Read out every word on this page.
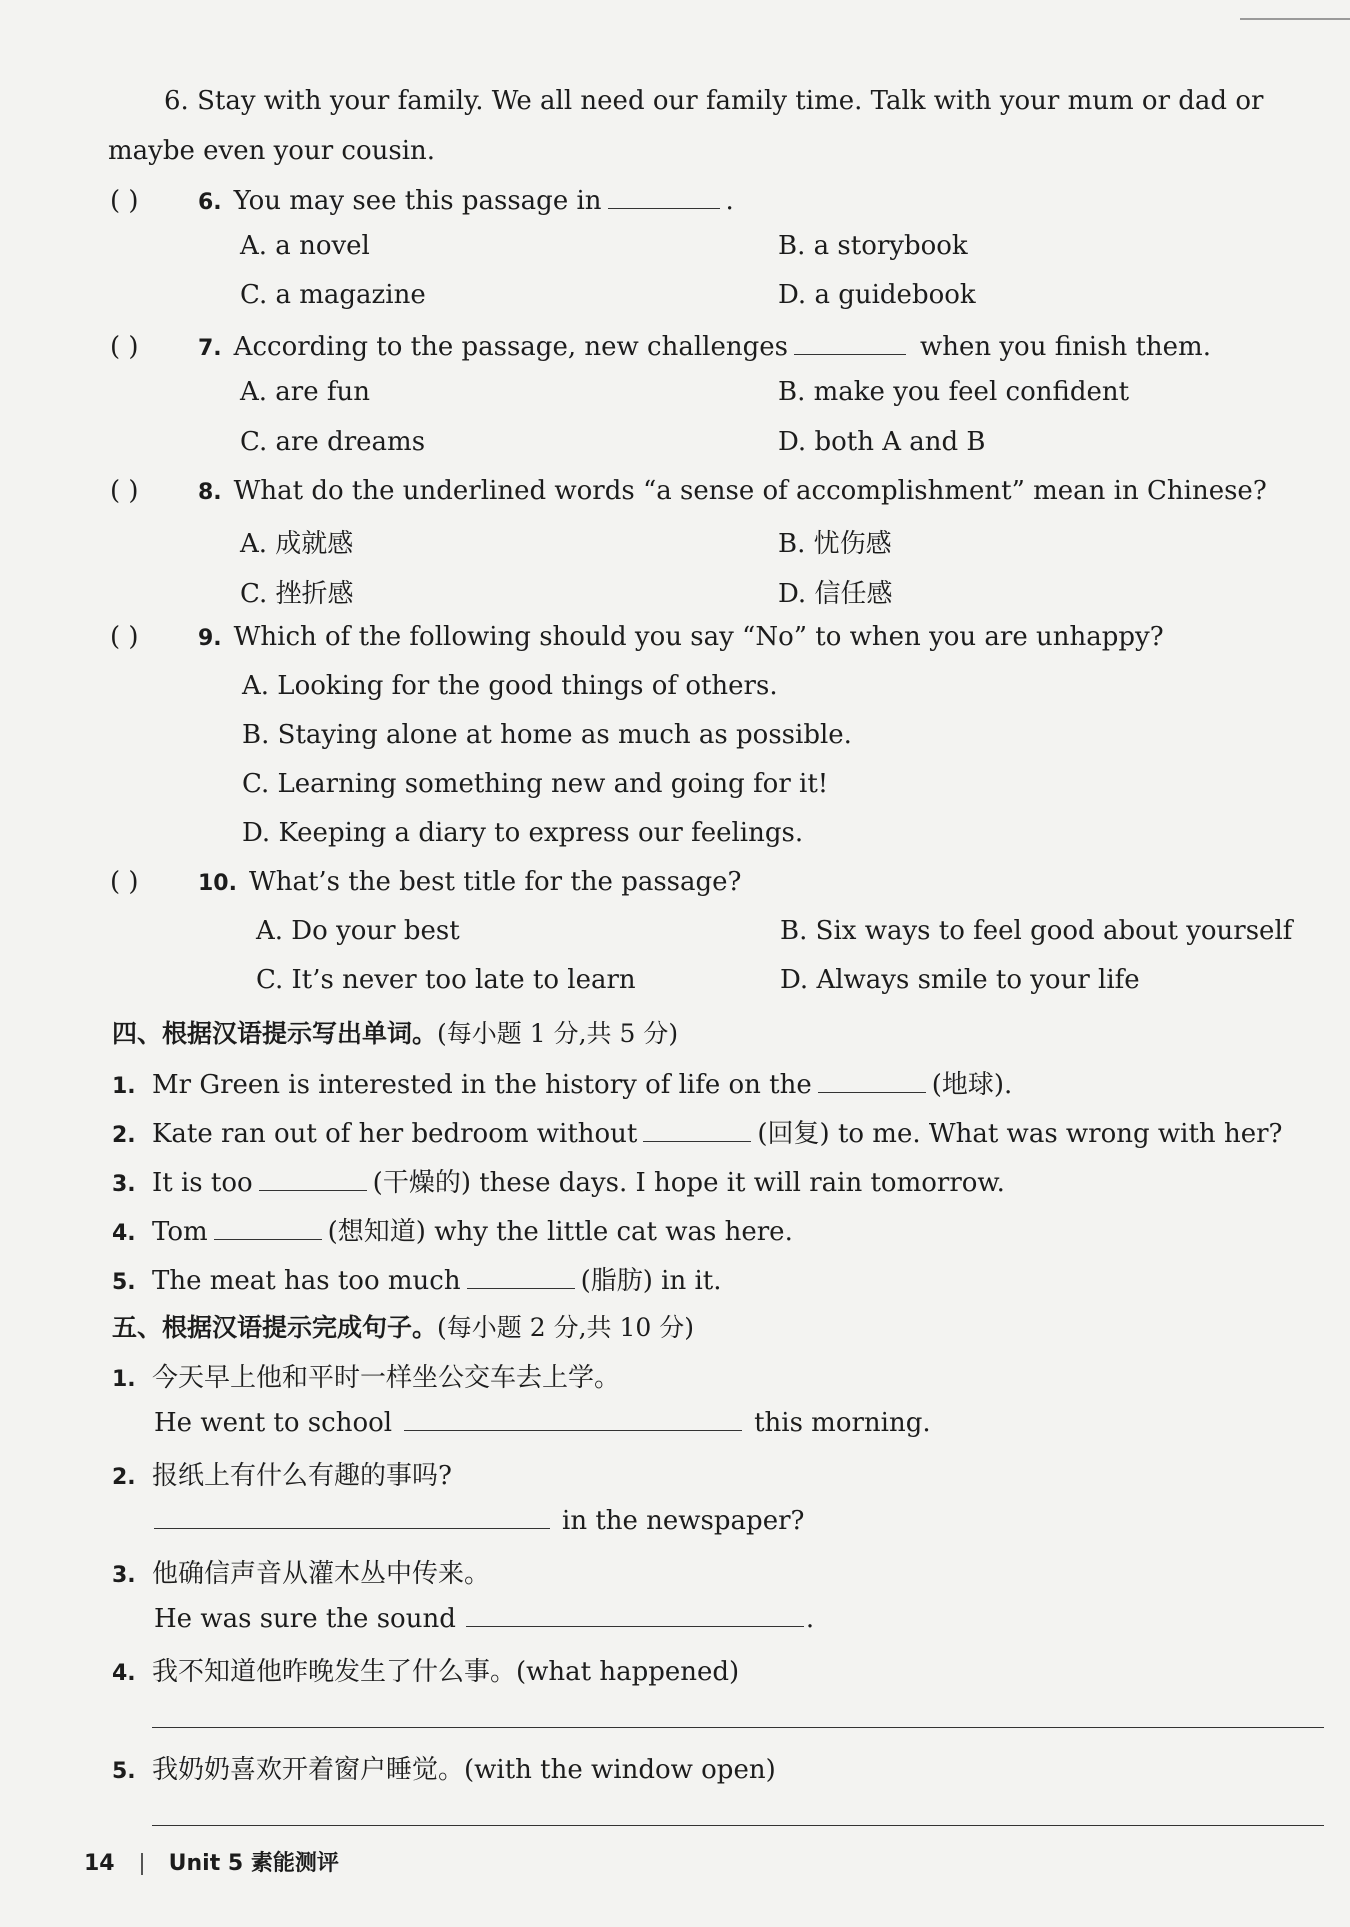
6. Stay with your family. We all need our family time. Talk with your mum or dad or maybe even your cousin.
( )	6. You may see this passage in	.
A. a novel	B. a storybook
C. a magazine	D. a guidebook
( )	7. According to the passage, new challenges	when you finish them.
A. are fun	B. make you feel confident
C. are dreams	D. both A and B
( )	8. What do the underlined words “a sense of accomplishment” mean in Chinese?
A. 成就感	B. 忧伤感
C. 挫折感	D. 信任感
( )	9. Which of the following should you say “No” to when you are unhappy?
A. Looking for the good things of others.
B. Staying alone at home as much as possible.
C. Learning something new and going for it!
D. Keeping a diary to express our feelings.
( )	10. What’s the best title for the passage?
A. Do your best	B. Six ways to feel good about yourself
C. It’s never too late to learn	D. Always smile to your life
四、根据汉语提示写出单词。(每小题 1 分,共 5 分)
1. Mr Green is interested in the history of life on the	(地球).
2. Kate ran out of her bedroom without	(回复) to me. What was wrong with her?
3. It is too	(干燥的) these days. I hope it will rain tomorrow.
4. Tom	(想知道) why the little cat was here.
5. The meat has too much	(脂肪) in it.
五、根据汉语提示完成句子。(每小题 2 分,共 10 分)
1. 今天早上他和平时一样坐公交车去上学。
He went to school	this morning.
2. 报纸上有什么有趣的事吗?
in the newspaper?
3. 他确信声音从灌木丛中传来。
He was sure the sound	.
4. 我不知道他昨晚发生了什么事。(what happened)
5. 我奶奶喜欢开着窗户睡觉。(with the window open)
14 Unit 5 素能测评
